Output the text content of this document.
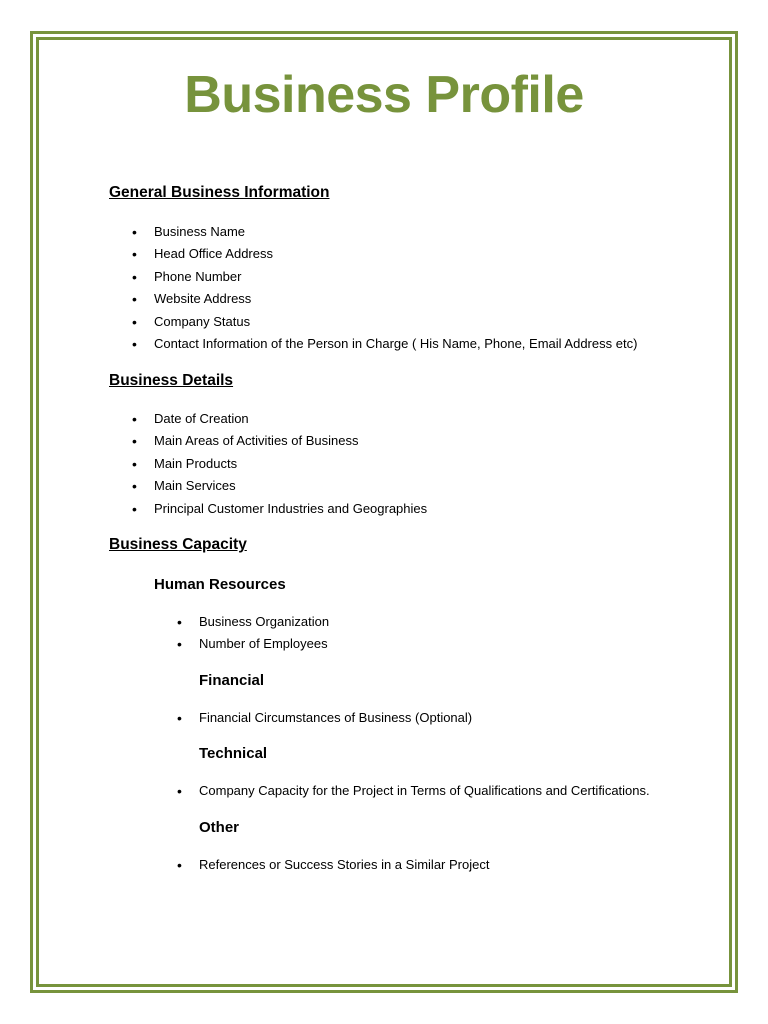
Business Profile
General Business Information
• Business Name
• Head Office Address
• Phone Number
• Website Address
• Company Status
• Contact Information of the Person in Charge ( His Name, Phone, Email Address etc)
Business Details
• Date of Creation
• Main Areas of Activities of Business
• Main Products
• Main Services
• Principal Customer Industries and Geographies
Business Capacity
Human Resources
• Business Organization
• Number of Employees
Financial
• Financial Circumstances of Business (Optional)
Technical
• Company Capacity for the Project in Terms of Qualifications and Certifications.
Other
• References or Success Stories in a Similar Project
